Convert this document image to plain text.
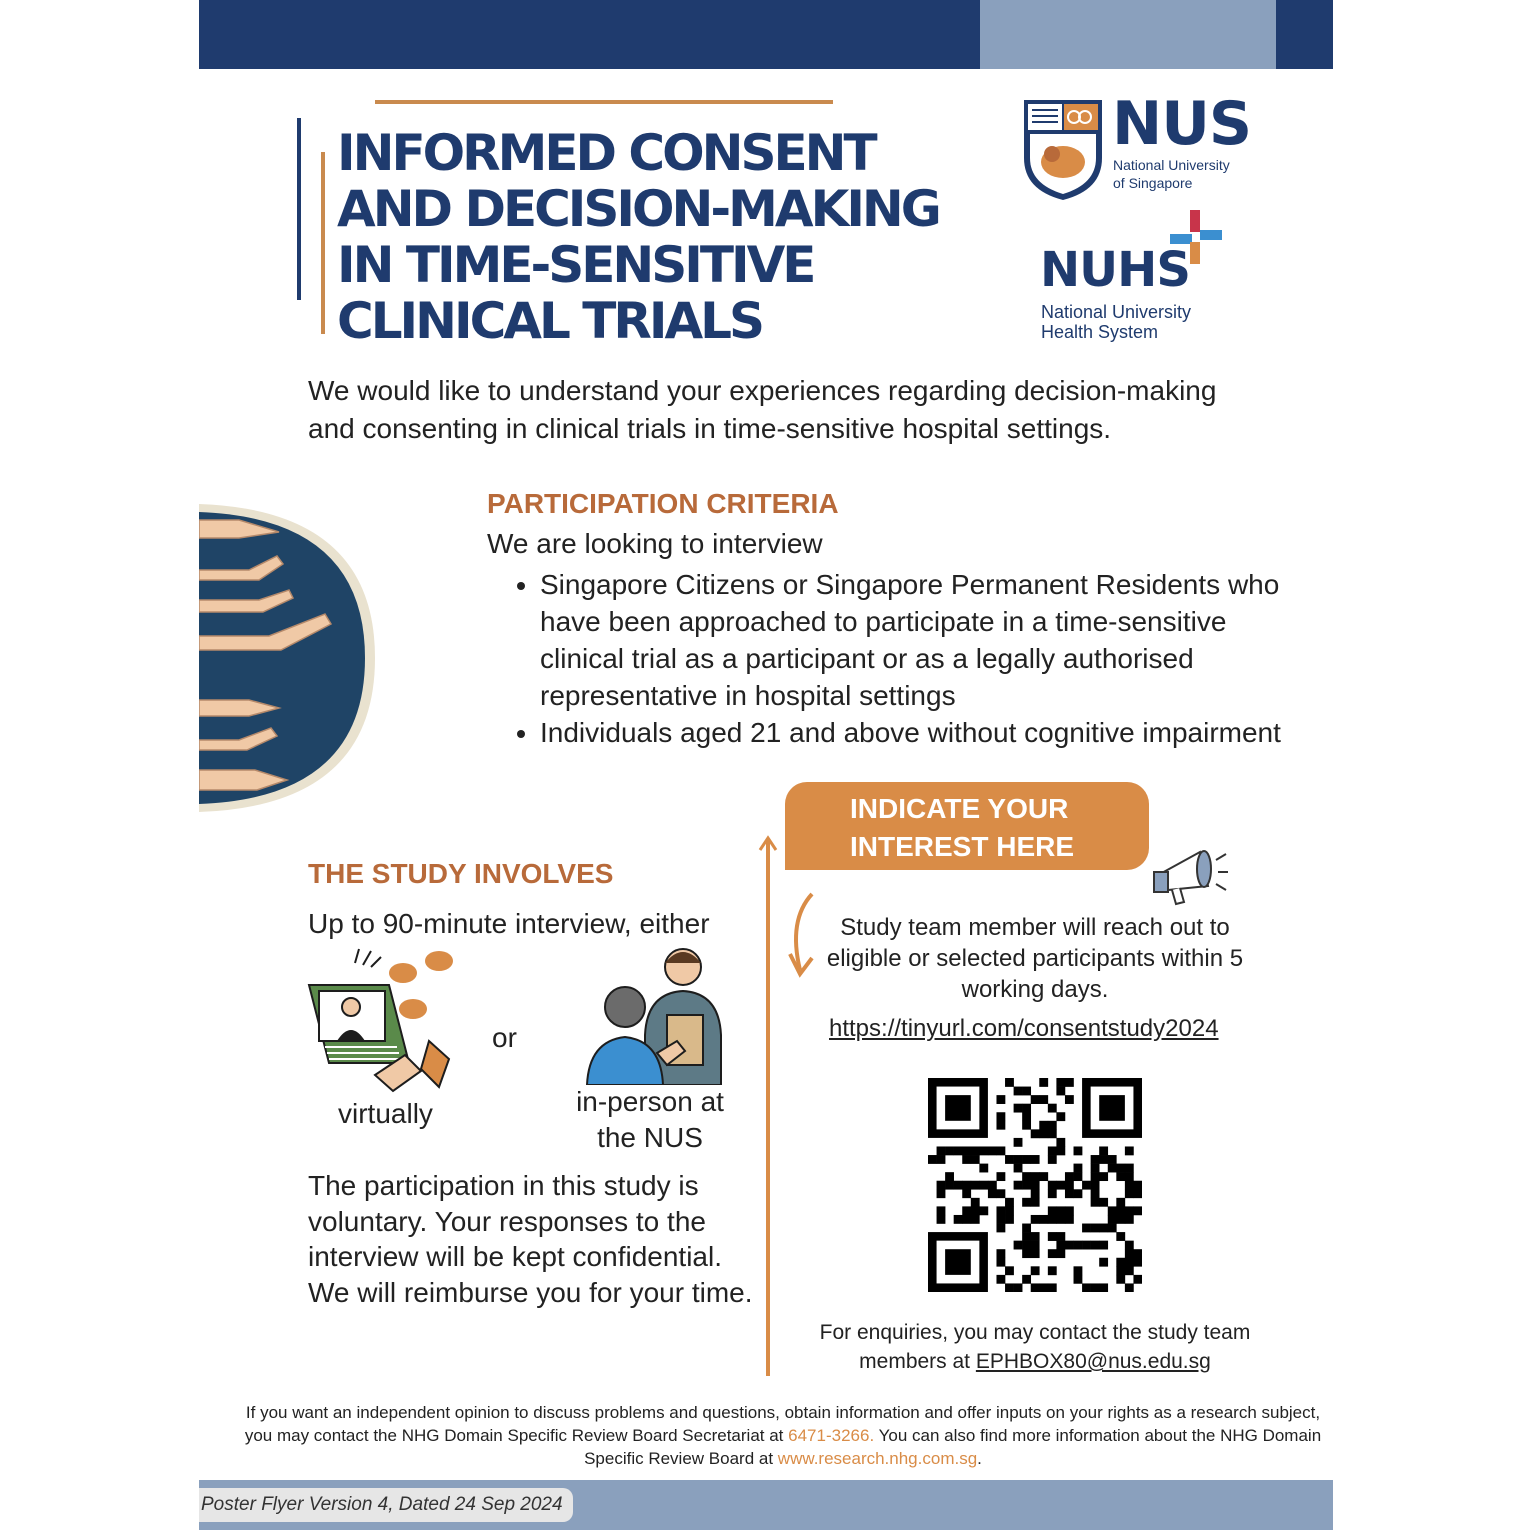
INFORMED CONSENT
AND DECISION-MAKING
IN TIME-SENSITIVE
CLINICAL TRIALS
NUS
National University
of Singapore
NUHS
National University
Health System
We would like to understand your experiences regarding decision-making and consenting in clinical trials in time-sensitive hospital settings.
PARTICIPATION CRITERIA
We are looking to interview
• Singapore Citizens or Singapore Permanent Residents who have been approached to participate in a time-sensitive clinical trial as a participant or as a legally authorised representative in hospital settings
• Individuals aged 21 and above without cognitive impairment
INDICATE YOUR
INTEREST HERE
Study team member will reach out to eligible or selected participants within 5 working days.
https://tinyurl.com/consentstudy2024
For enquiries, you may contact the study team members at EPHBOX80@nus.edu.sg
THE STUDY INVOLVES
Up to 90-minute interview, either
or
virtually	in-person at
the NUS
The participation in this study is voluntary. Your responses to the interview will be kept confidential. We will reimburse you for your time.
If you want an independent opinion to discuss problems and questions, obtain information and offer inputs on your rights as a research subject, you may contact the NHG Domain Specific Review Board Secretariat at 6471-3266. You can also find more information about the NHG Domain Specific Review Board at www.research.nhg.com.sg.
Poster Flyer Version 4, Dated 24 Sep 2024
